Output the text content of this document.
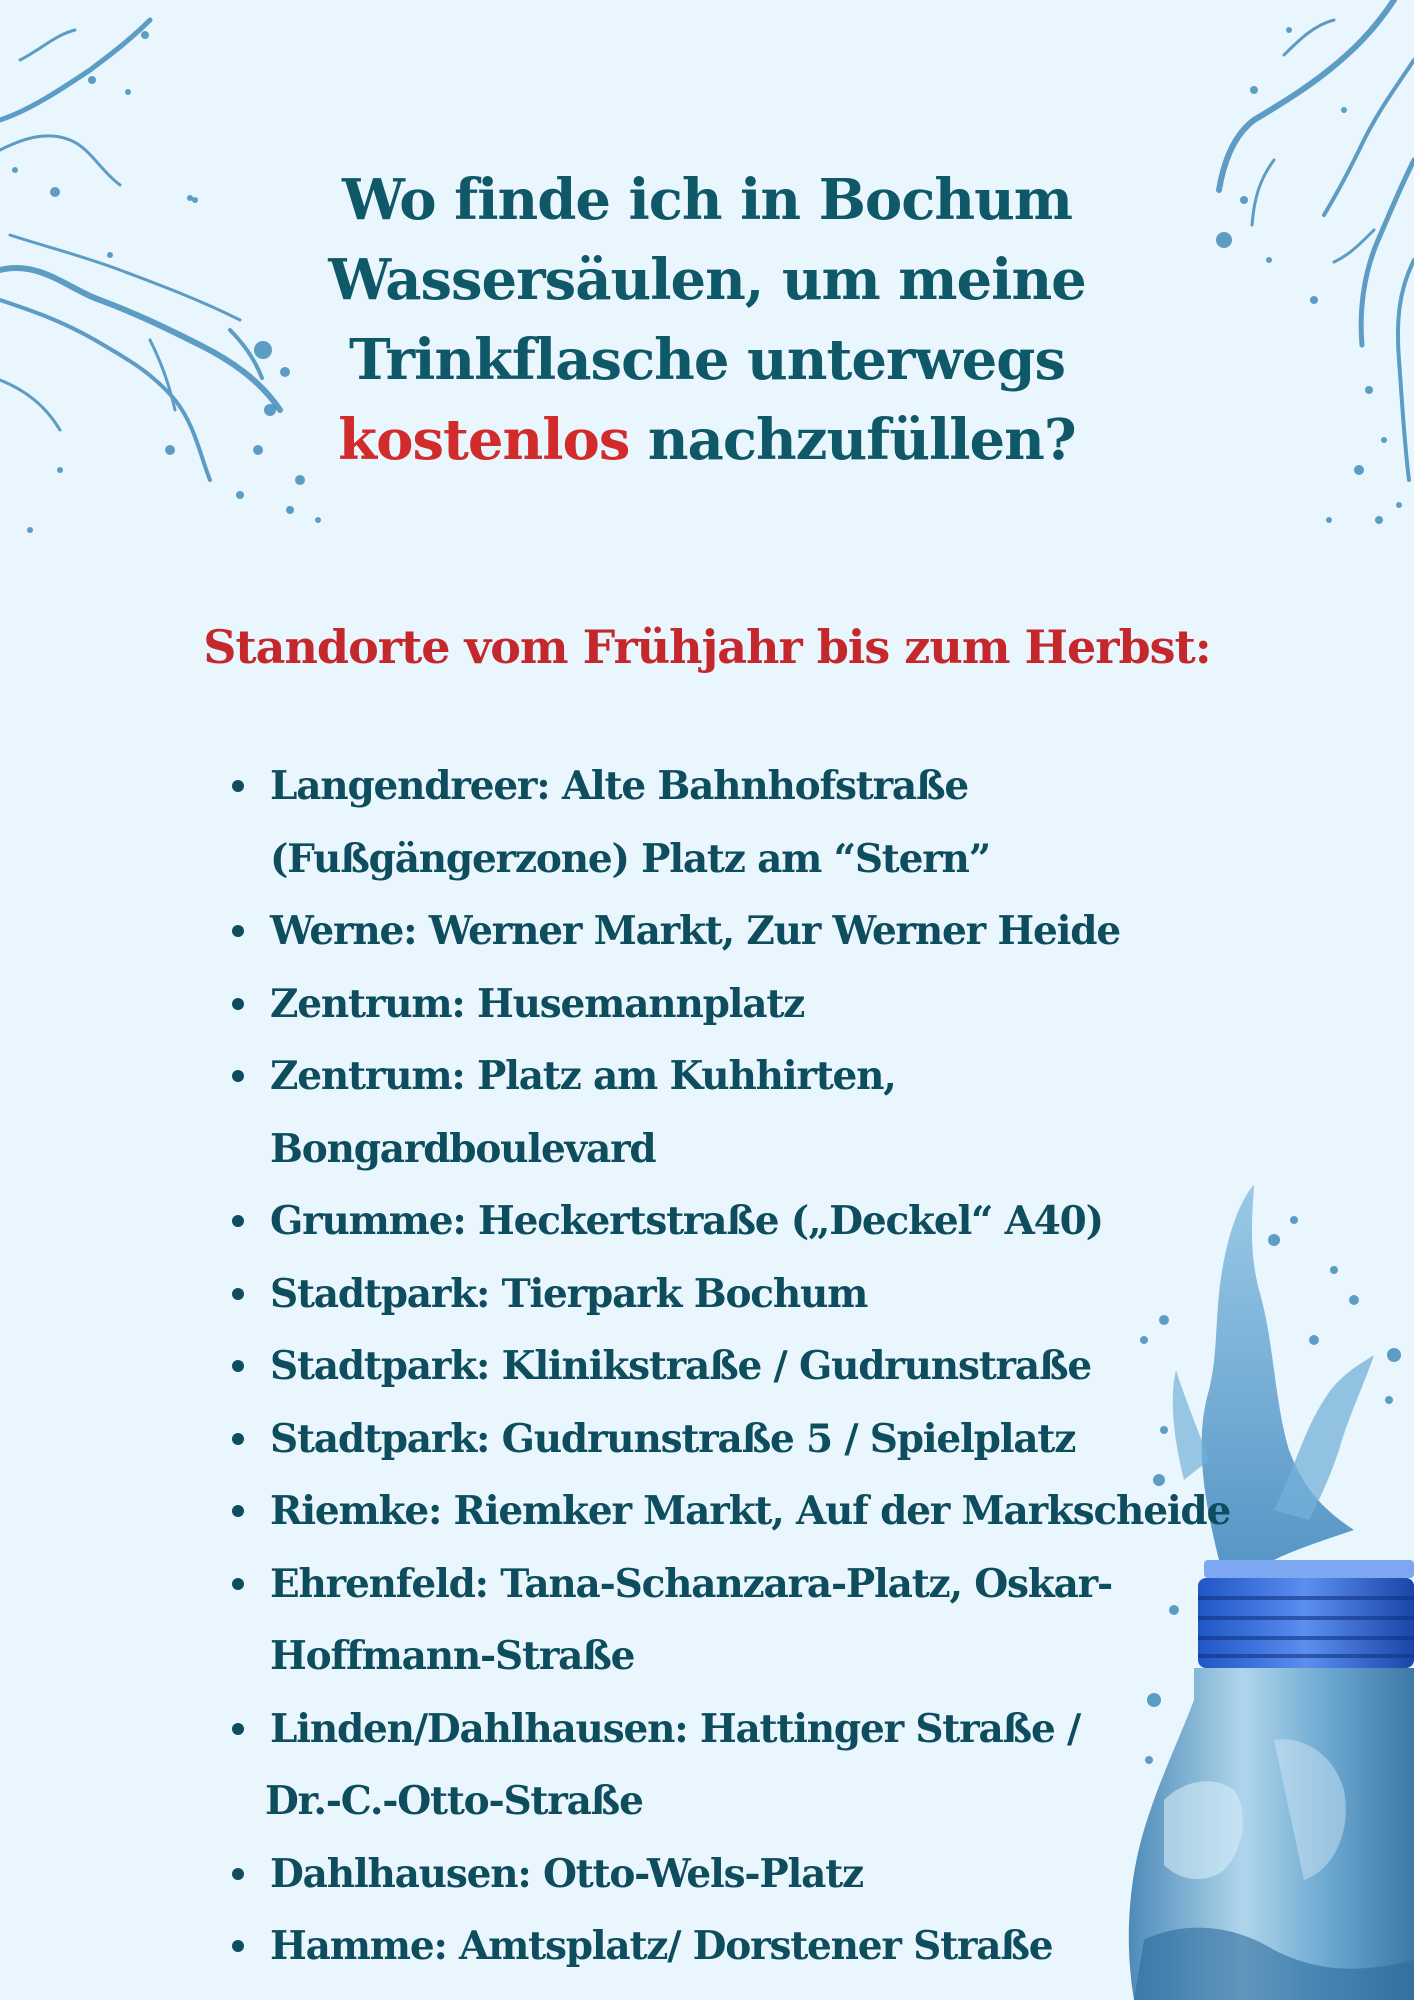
Wo finde ich in Bochum
Wassersäulen, um meine
Trinkflasche unterwegs
kostenlos nachzufüllen?
Standorte vom Frühjahr bis zum Herbst:
Langendreer: Alte Bahnhofstraße
(Fußgängerzone) Platz am “Stern”
Werne: Werner Markt, Zur Werner Heide
Zentrum: Husemannplatz
Zentrum: Platz am Kuhhirten,
Bongardboulevard
Grumme: Heckertstraße („Deckel“ A40)
Stadtpark: Tierpark Bochum
Stadtpark: Klinikstraße / Gudrunstraße
Stadtpark: Gudrunstraße 5 / Spielplatz
Riemke: Riemker Markt, Auf der Markscheide
Ehrenfeld: Tana-Schanzara-Platz, Oskar-
Hoffmann-Straße
Linden/Dahlhausen: Hattinger Straße /
Dr.-C.-Otto-Straße
Dahlhausen: Otto-Wels-Platz
Hamme: Amtsplatz/ Dorstener Straße
